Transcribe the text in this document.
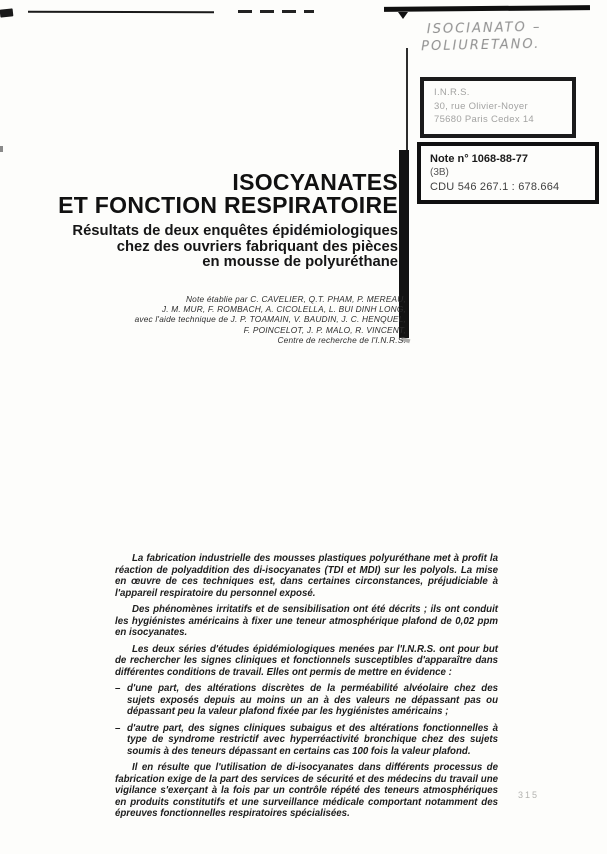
ISOCIANATO –
POLIURETANO.
I.N.R.S.
30, rue Olivier-Noyer
75680 Paris Cedex 14
Note n° 1068-88-77
(3B)
CDU 546 267.1 : 678.664
ISOCYANATES
ET FONCTION RESPIRATOIRE
Résultats de deux enquêtes épidémiologiques
chez des ouvriers fabriquant des pièces
en mousse de polyuréthane
Note établie par C. CAVELIER, Q.T. PHAM, P. MEREAU,
J. M. MUR, F. ROMBACH, A. CICOLELLA, L. BUI DINH LONG,
avec l'aide technique de J. P. TOAMAIN, V. BAUDIN, J. C. HENQUEL,
F. POINCELOT, J. P. MALO, R. VINCENT,
Centre de recherche de l'I.N.R.S.

La fabrication industrielle des mousses plastiques polyuréthane met à profit la réaction de polyaddition des di-isocyanates (TDI et MDI) sur les polyols. La mise en œuvre de ces techniques est, dans certaines circonstances, préjudiciable à l'appareil respiratoire du personnel exposé.

Des phénomènes irritatifs et de sensibilisation ont été décrits ; ils ont conduit les hygiénistes américains à fixer une teneur atmosphérique plafond de 0,02 ppm en isocyanates.

Les deux séries d'études épidémiologiques menées par l'I.N.R.S. ont pour but de rechercher les signes cliniques et fonctionnels susceptibles d'apparaître dans différentes conditions de travail. Elles ont permis de mettre en évidence :

– d'une part, des altérations discrètes de la perméabilité alvéolaire chez des sujets exposés depuis au moins un an à des valeurs ne dépassant pas ou dépassant peu la valeur plafond fixée par les hygiénistes américains ;
– d'autre part, des signes cliniques subaigus et des altérations fonctionnelles à type de syndrome restrictif avec hyperréactivité bronchique chez des sujets soumis à des teneurs dépassant en certains cas 100 fois la valeur plafond.

Il en résulte que l'utilisation de di-isocyanates dans différents processus de fabrication exige de la part des services de sécurité et des médecins du travail une vigilance s'exerçant à la fois par un contrôle répété des teneurs atmosphériques en produits constitutifs et une surveillance médicale comportant notamment des épreuves fonctionnelles respiratoires spécialisées.

315
